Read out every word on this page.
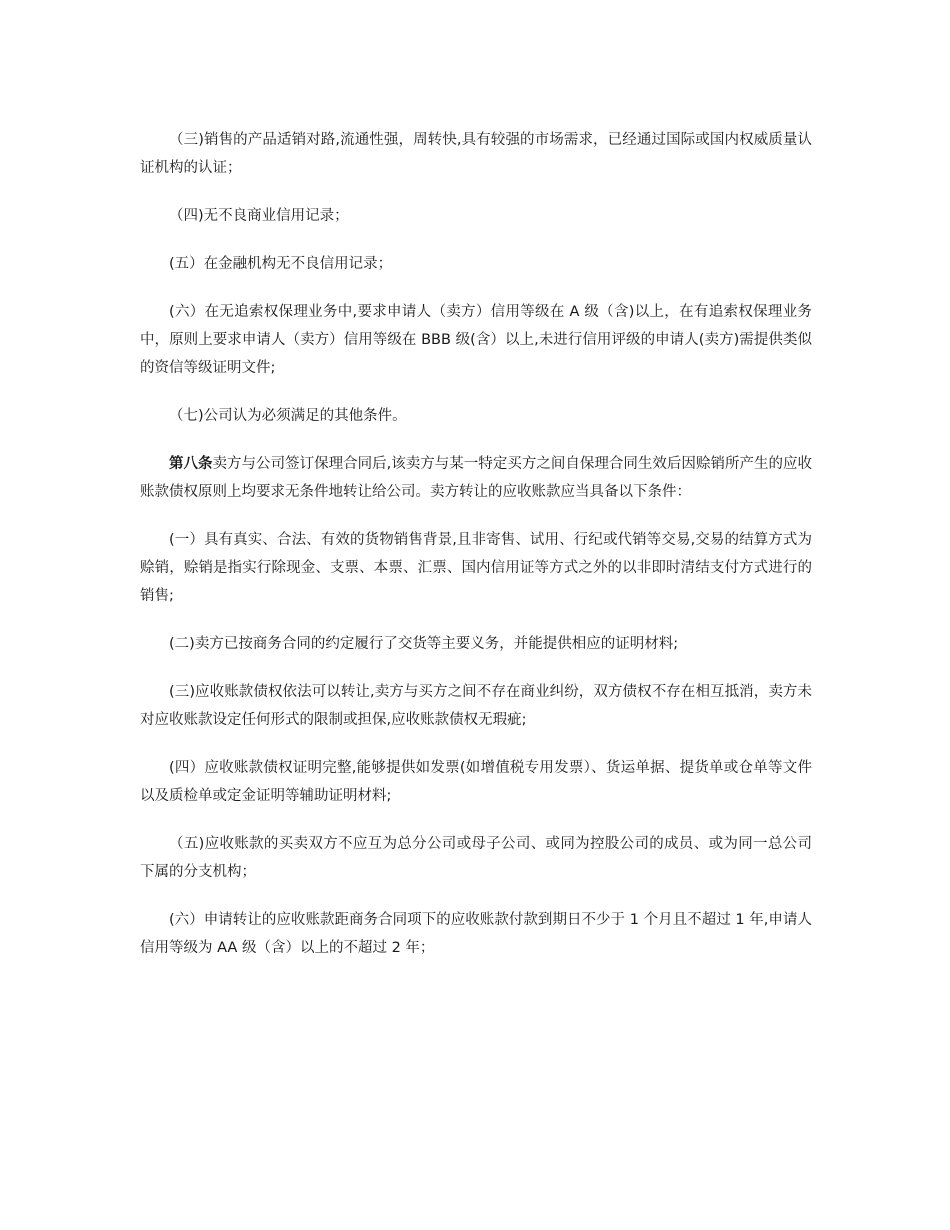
（三)销售的产品适销对路,流通性强，周转快,具有较强的市场需求，已经通过国际或国内权威质量认证机构的认证；

（四)无不良商业信用记录；

(五）在金融机构无不良信用记录；

(六）在无追索权保理业务中,要求申请人（卖方）信用等级在 A 级（含)以上，在有追索权保理业务中，原则上要求申请人（卖方）信用等级在 BBB 级(含）以上,未进行信用评级的申请人(卖方)需提供类似的资信等级证明文件;

（七)公司认为必须满足的其他条件。

第八条卖方与公司签订保理合同后,该卖方与某一特定买方之间自保理合同生效后因赊销所产生的应收账款债权原则上均要求无条件地转让给公司。卖方转让的应收账款应当具备以下条件：

(一）具有真实、合法、有效的货物销售背景,且非寄售、试用、行纪或代销等交易,交易的结算方式为赊销，赊销是指实行除现金、支票、本票、汇票、国内信用证等方式之外的以非即时清结支付方式进行的销售;

(二)卖方已按商务合同的约定履行了交货等主要义务，并能提供相应的证明材料;

(三)应收账款债权依法可以转让,卖方与买方之间不存在商业纠纷，双方债权不存在相互抵消，卖方未对应收账款设定任何形式的限制或担保,应收账款债权无瑕疵;

(四）应收账款债权证明完整,能够提供如发票(如增值税专用发票）、货运单据、提货单或仓单等文件以及质检单或定金证明等辅助证明材料;

（五)应收账款的买卖双方不应互为总分公司或母子公司、或同为控股公司的成员、或为同一总公司下属的分支机构；

(六）申请转让的应收账款距商务合同项下的应收账款付款到期日不少于 1 个月且不超过 1 年,申请人信用等级为 AA 级（含）以上的不超过 2 年；
